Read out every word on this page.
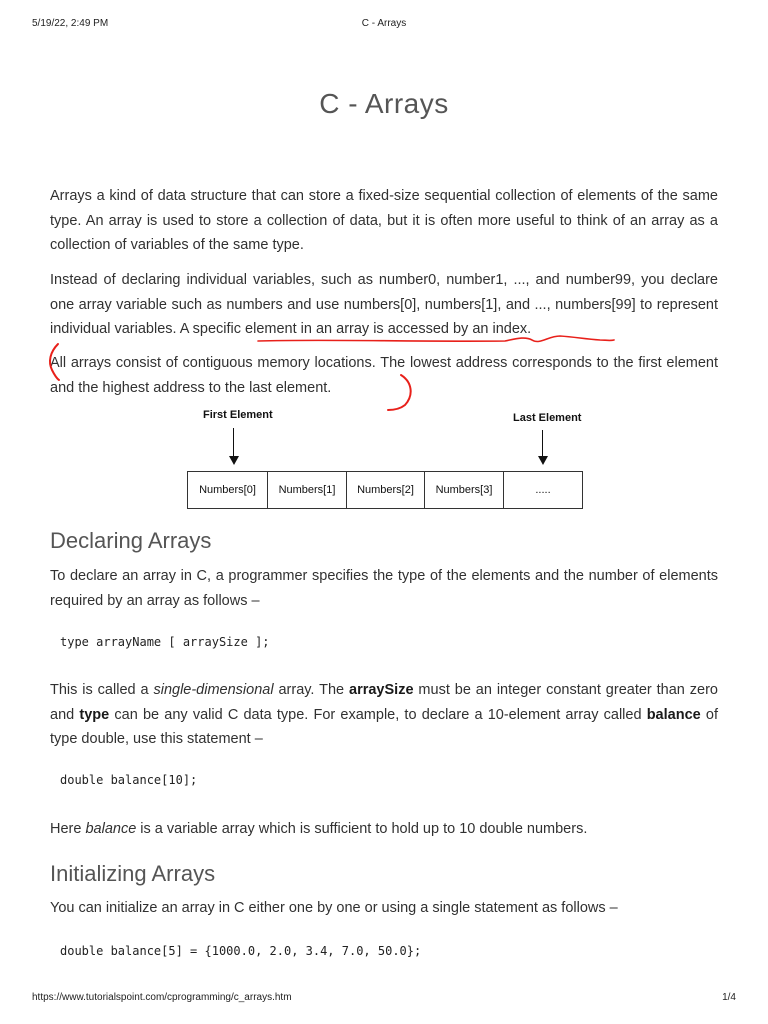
5/19/22, 2:49 PM	C - Arrays
C - Arrays

Arrays a kind of data structure that can store a fixed-size sequential collection of elements of the same type. An array is used to store a collection of data, but it is often more useful to think of an array as a collection of variables of the same type.

Instead of declaring individual variables, such as number0, number1, ..., and number99, you declare one array variable such as numbers and use numbers[0], numbers[1], and ..., numbers[99] to represent individual variables. A specific element in an array is accessed by an index.

All arrays consist of contiguous memory locations. The lowest address corresponds to the first element and the highest address to the last element.

First Element	Last Element
Numbers[0]	Numbers[1]	Numbers[2]	Numbers[3]	.....
Declaring Arrays

To declare an array in C, a programmer specifies the type of the elements and the number of elements required by an array as follows –

type arrayName [ arraySize ];

This is called a single-dimensional array. The arraySize must be an integer constant greater than zero and type can be any valid C data type. For example, to declare a 10-element array called balance of type double, use this statement –

double balance[10];

Here balance is a variable array which is sufficient to hold up to 10 double numbers.

Initializing Arrays

You can initialize an array in C either one by one or using a single statement as follows –

double balance[5] = {1000.0, 2.0, 3.4, 7.0, 50.0};
https://www.tutorialspoint.com/cprogramming/c_arrays.htm	1/4
